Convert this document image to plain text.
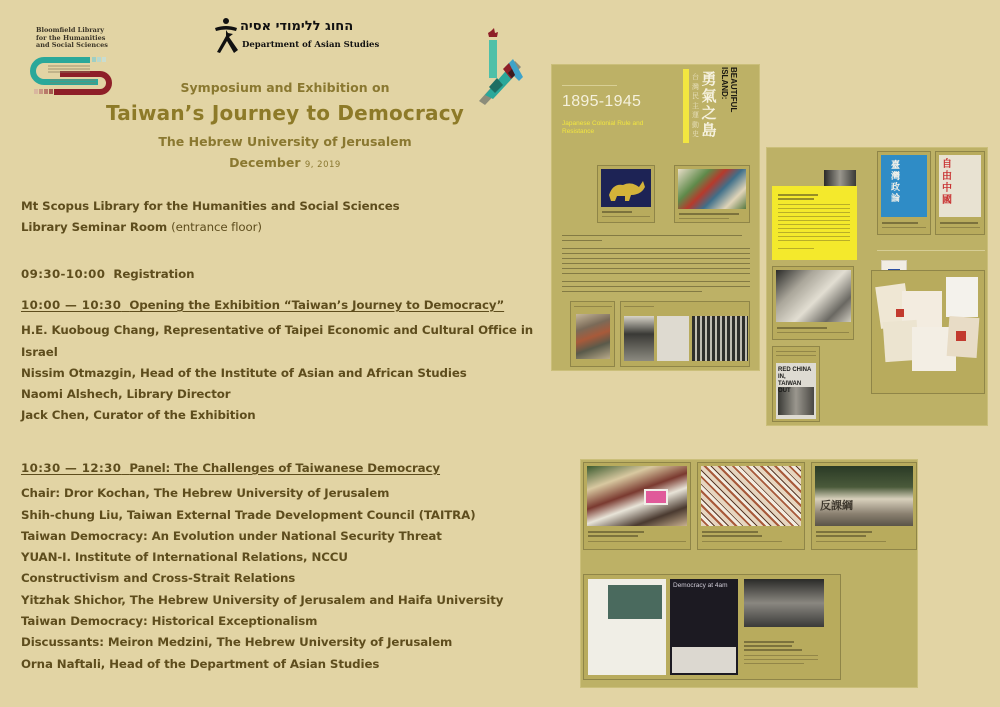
Bloomfield Library
for the Humanities
and Social Sciences
החוג ללימודי אסיה
Department of Asian Studies
Symposium and Exhibition on
Taiwan’s Journey to Democracy
The Hebrew University of Jerusalem
December 9, 2019
Mt Scopus Library for the Humanities and Social Sciences
Library Seminar Room (entrance floor)
09:30-10:00 Registration
10:00 — 10:30 Opening the Exhibition “Taiwan’s Journey to Democracy”
H.E. Kuoboug Chang, Representative of Taipei Economic and Cultural Office in
Israel
Nissim Otmazgin, Head of the Institute of Asian and African Studies
Naomi Alshech, Library Director
Jack Chen, Curator of the Exhibition
10:30 — 12:30 Panel: The Challenges of Taiwanese Democracy
Chair: Dror Kochan, The Hebrew University of Jerusalem
Shih-chung Liu, Taiwan External Trade Development Council (TAITRA)
Taiwan Democracy: An Evolution under National Security Threat
YUAN-I. Institute of International Relations, NCCU
Constructivism and Cross-Strait Relations
Yitzhak Shichor, The Hebrew University of Jerusalem and Haifa University
Taiwan Democracy: Historical Exceptionalism
Discussants: Meiron Medzini, The Hebrew University of Jerusalem
Orna Naftali, Head of the Department of Asian Studies
1895-1945
Japanese Colonial Rule and Resistance
台灣民主運動史
勇氣之島
BEAUTIFUL ISLAND:
臺灣政論
自由中國
RED CHINA IN,
TAIWAN OUT
反課綱
Democracy at 4am
